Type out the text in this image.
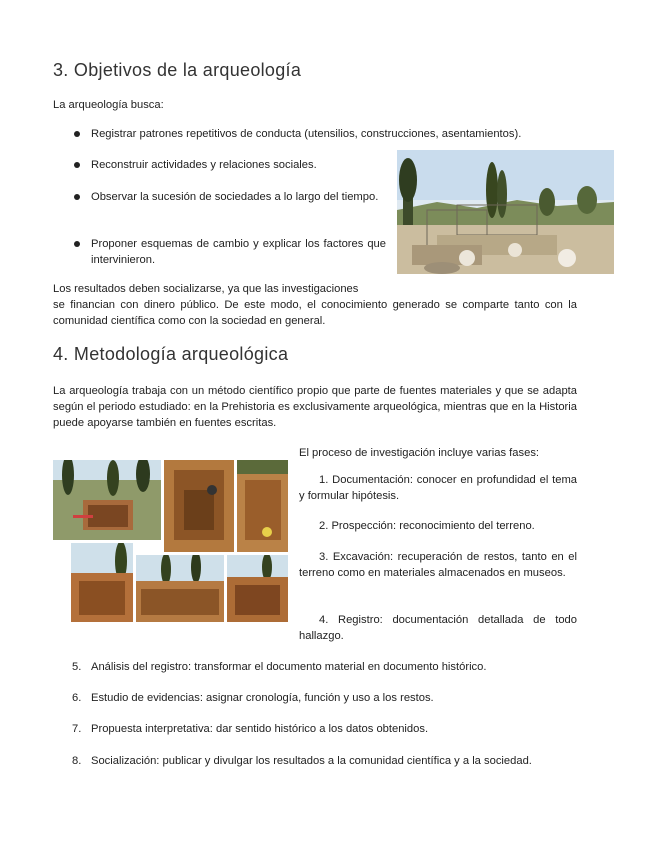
3. Objetivos de la arqueología

La arqueología busca:

Registrar patrones repetitivos de conducta (utensilios, construcciones, asentamientos).

Reconstruir actividades y relaciones sociales.

Observar la sucesión de sociedades a lo largo del tiempo.

Proponer esquemas de cambio y explicar los factores que intervinieron.

Los resultados deben socializarse, ya que las investigaciones
se financian con dinero público. De este modo, el conocimiento generado se comparte tanto con la comunidad científica como con la sociedad en general.

4. Metodología arqueológica

La arqueología trabaja con un método científico propio que parte de fuentes materiales y que se adapta según el periodo estudiado: en la Prehistoria es exclusivamente arqueológica, mientras que en la Historia puede apoyarse también en fuentes escritas.

El proceso de investigación incluye varias fases:

1. Documentación: conocer en profundidad el tema y formular hipótesis.

2. Prospección: reconocimiento del terreno.

3. Excavación: recuperación de restos, tanto en el terreno como en materiales almacenados en museos.

4. Registro: documentación detallada de todo hallazgo.

5. Análisis del registro: transformar el documento material en documento histórico.

6. Estudio de evidencias: asignar cronología, función y uso a los restos.

7. Propuesta interpretativa: dar sentido histórico a los datos obtenidos.

8. Socialización: publicar y divulgar los resultados a la comunidad científica y a la sociedad.
